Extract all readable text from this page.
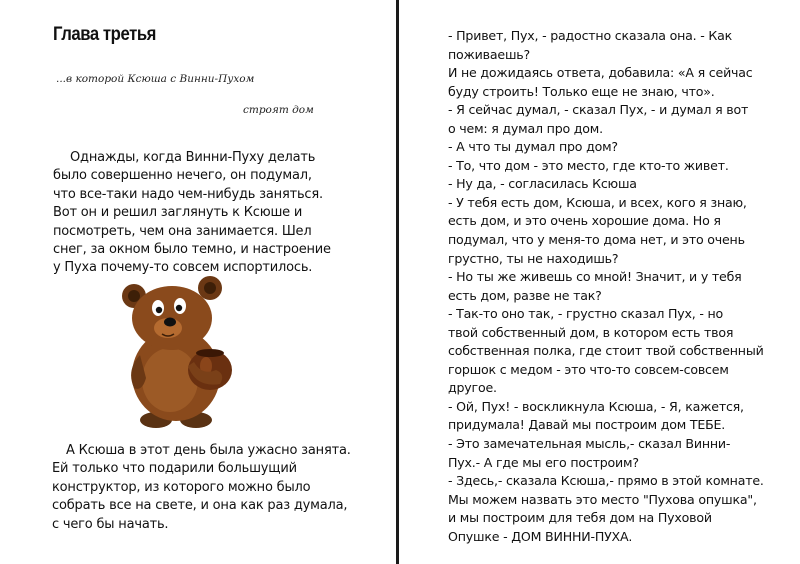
Глава третья
...в которой Ксюша с Винни-Пухом
строят дом

Однажды, когда Винни-Пуху делать

было совершенно нечего, он подумал,

что все-таки надо чем-нибудь заняться.

Вот он и решил заглянуть к Ксюше и

посмотреть, чем она занимается. Шел

снег, за окном было темно, и настроение

у Пуха почему-то совсем испортилось.

А Ксюша в этот день была ужасно занята.

Ей только что подарили большущий

конструктор, из которого можно было

собрать все на свете, и она как раз думала,

с чего бы начать.

- Привет, Пух, - радостно сказала она. - Как

поживаешь?

И не дожидаясь ответа, добавила: «А я сейчас

буду строить! Только еще не знаю, что».

- Я сейчас думал, - сказал Пух, - и думал я вот

о чем: я думал про дом.

- А что ты думал про дом?

- То, что дом - это место, где кто-то живет.

- Ну да, - согласилась Ксюша

- У тебя есть дом, Ксюша, и всех, кого я знаю,

есть дом, и это очень хорошие дома. Но я

подумал, что у меня-то дома нет, и это очень

грустно, ты не находишь?

- Но ты же живешь со мной! Значит, и у тебя

есть дом, разве не так?

- Так-то оно так, - грустно сказал Пух, - но

твой собственный дом, в котором есть твоя

собственная полка, где стоит твой собственный

горшок с медом - это что-то совсем-совсем

другое.

- Ой, Пух! - воскликнула Ксюша, - Я, кажется,

придумала! Давай мы построим дом ТЕБЕ.

- Это замечательная мысль,- сказал Винни-

Пух.- А где мы его построим?

- Здесь,- сказала Ксюша,- прямо в этой комнате.

Мы можем назвать это место "Пухова опушка",

и мы построим для тебя дом на Пуховой

Опушке - ДОМ ВИННИ-ПУХА.
